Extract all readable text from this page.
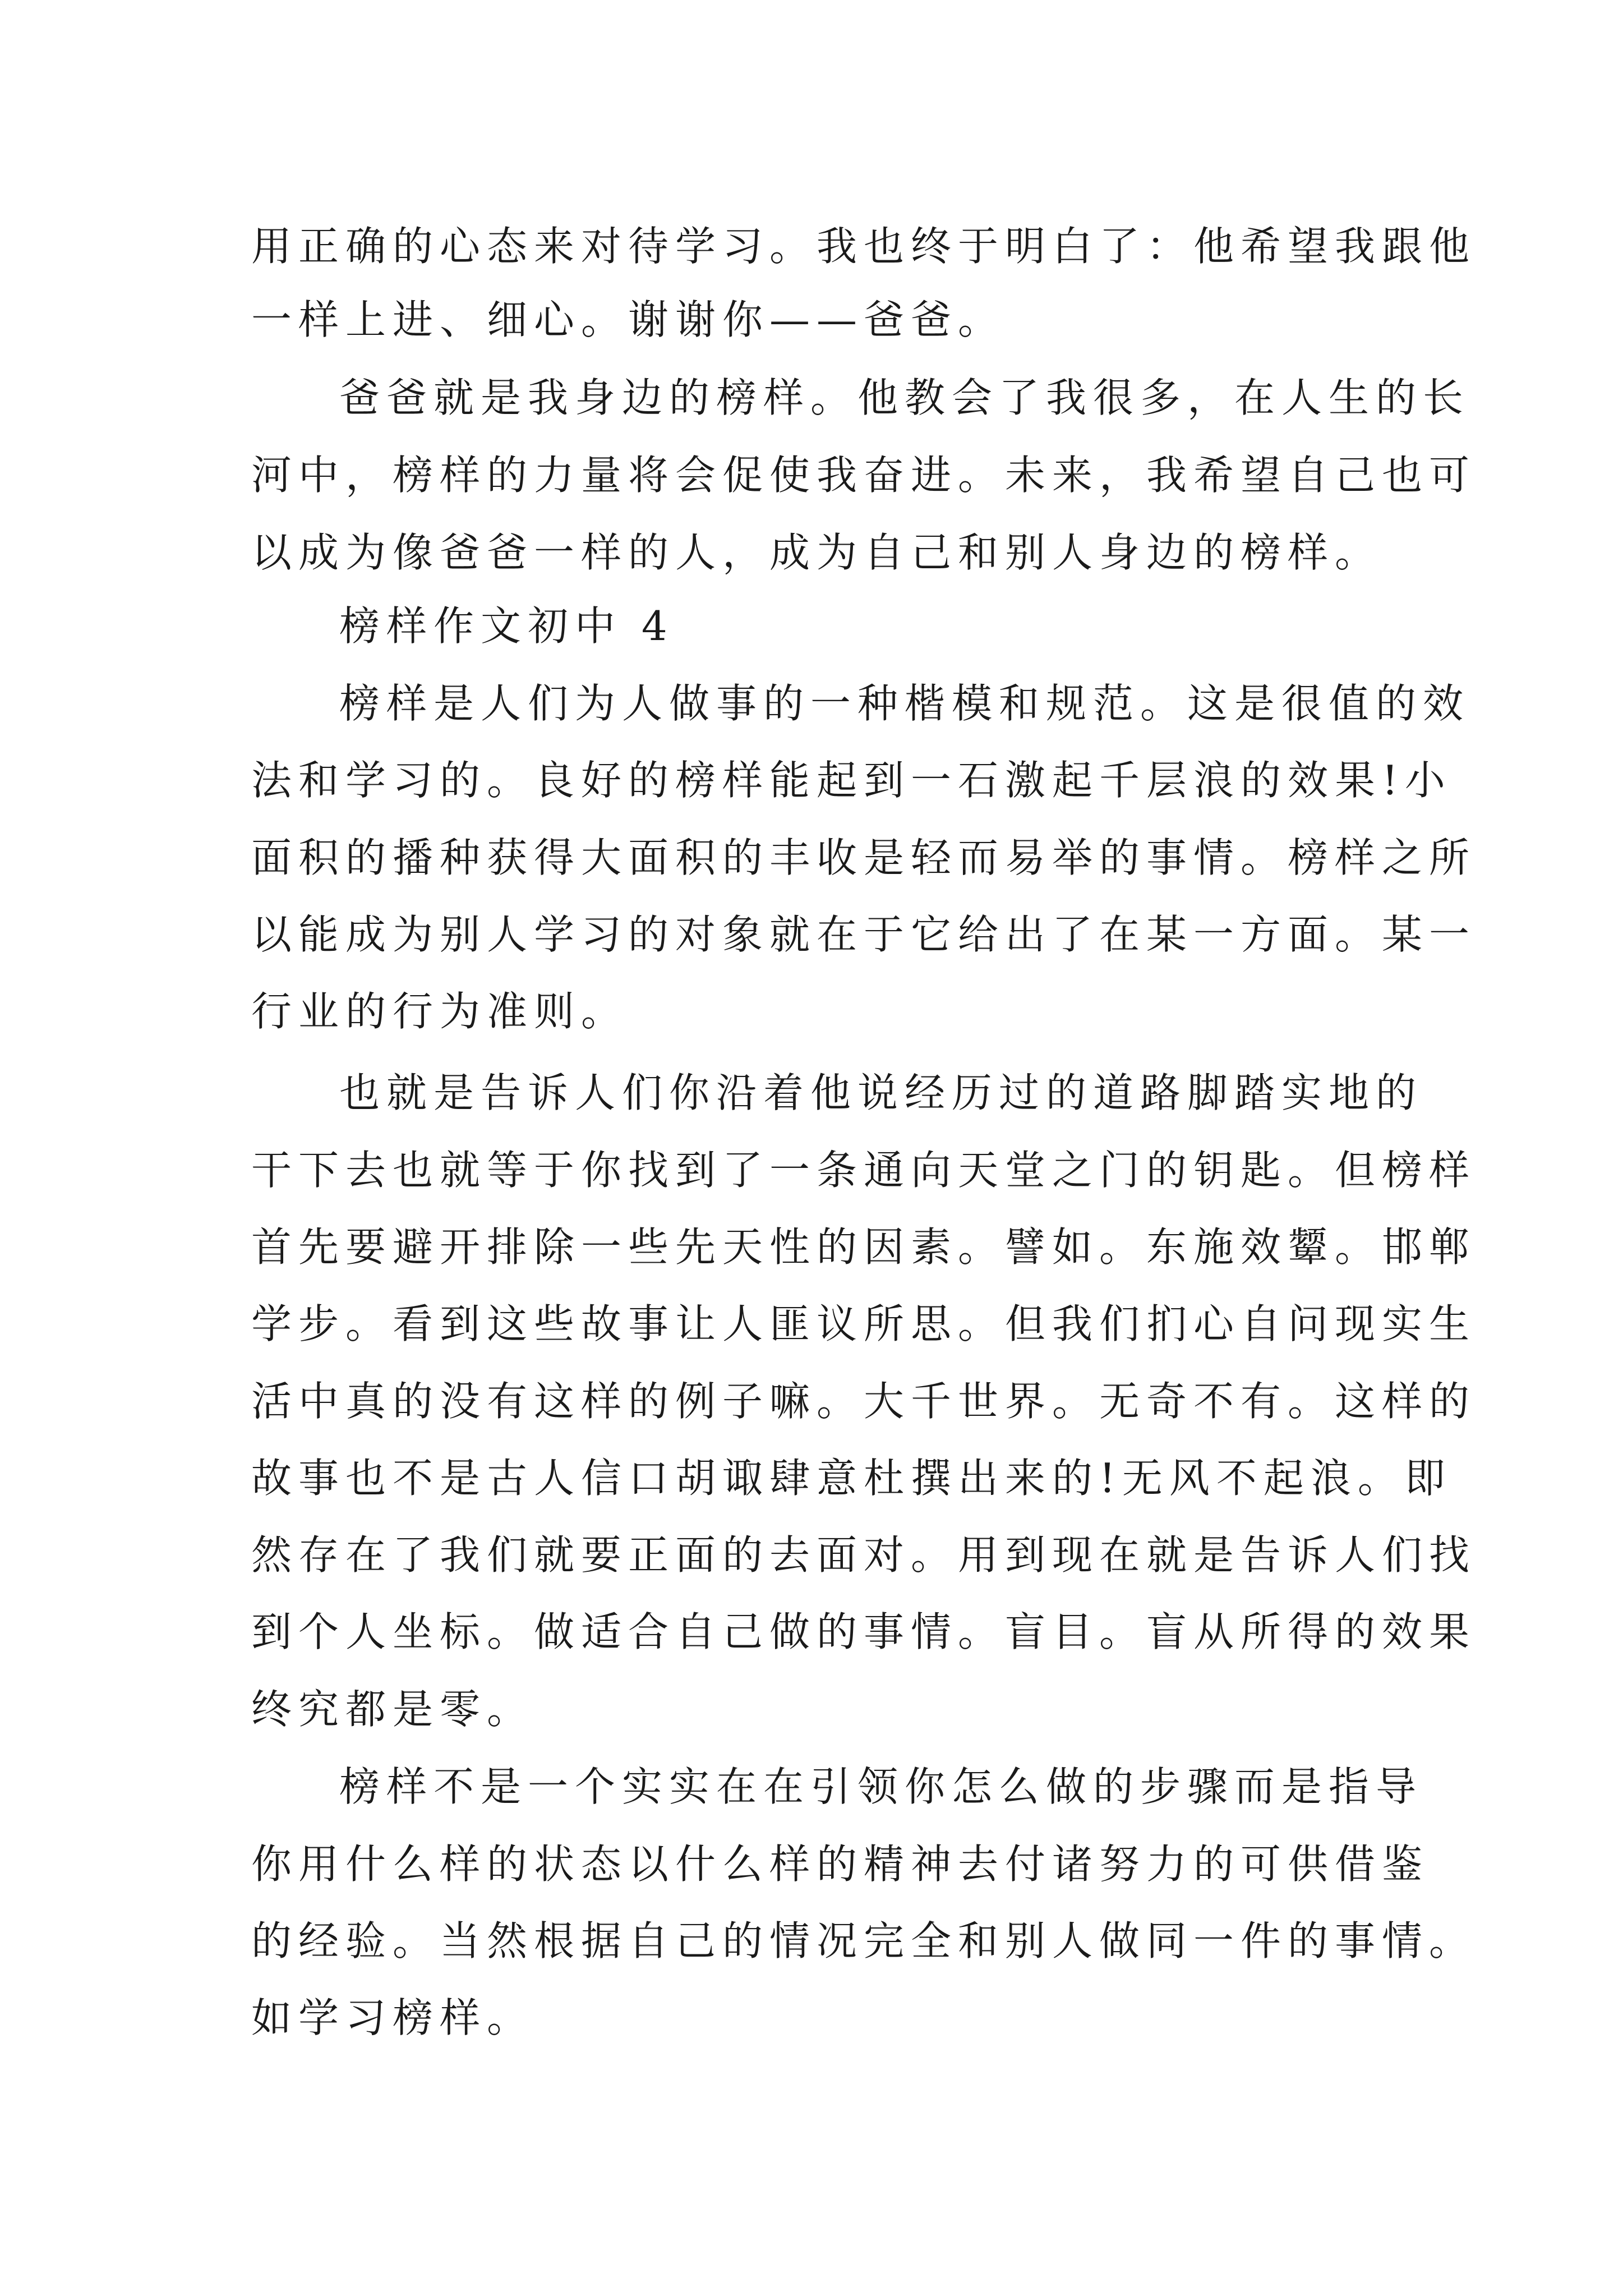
用正确的心态来对待学习。我也终于明白了：他希望我跟他
一样上进、细心。谢谢你——爸爸。
爸爸就是我身边的榜样。他教会了我很多，在人生的长
河中，榜样的力量将会促使我奋进。未来，我希望自己也可
以成为像爸爸一样的人，成为自己和别人身边的榜样。
榜样作文初中 4
榜样是人们为人做事的一种楷模和规范。这是很值的效
法和学习的。良好的榜样能起到一石激起千层浪的效果!小
面积的播种获得大面积的丰收是轻而易举的事情。榜样之所
以能成为别人学习的对象就在于它给出了在某一方面。某一
行业的行为准则。
也就是告诉人们你沿着他说经历过的道路脚踏实地的
干下去也就等于你找到了一条通向天堂之门的钥匙。但榜样
首先要避开排除一些先天性的因素。譬如。东施效颦。邯郸
学步。看到这些故事让人匪议所思。但我们扪心自问现实生
活中真的没有这样的例子嘛。大千世界。无奇不有。这样的
故事也不是古人信口胡诹肆意杜撰出来的!无风不起浪。即
然存在了我们就要正面的去面对。用到现在就是告诉人们找
到个人坐标。做适合自己做的事情。盲目。盲从所得的效果
终究都是零。
榜样不是一个实实在在引领你怎么做的步骤而是指导
你用什么样的状态以什么样的精神去付诸努力的可供借鉴
的经验。当然根据自己的情况完全和别人做同一件的事情。
如学习榜样。
